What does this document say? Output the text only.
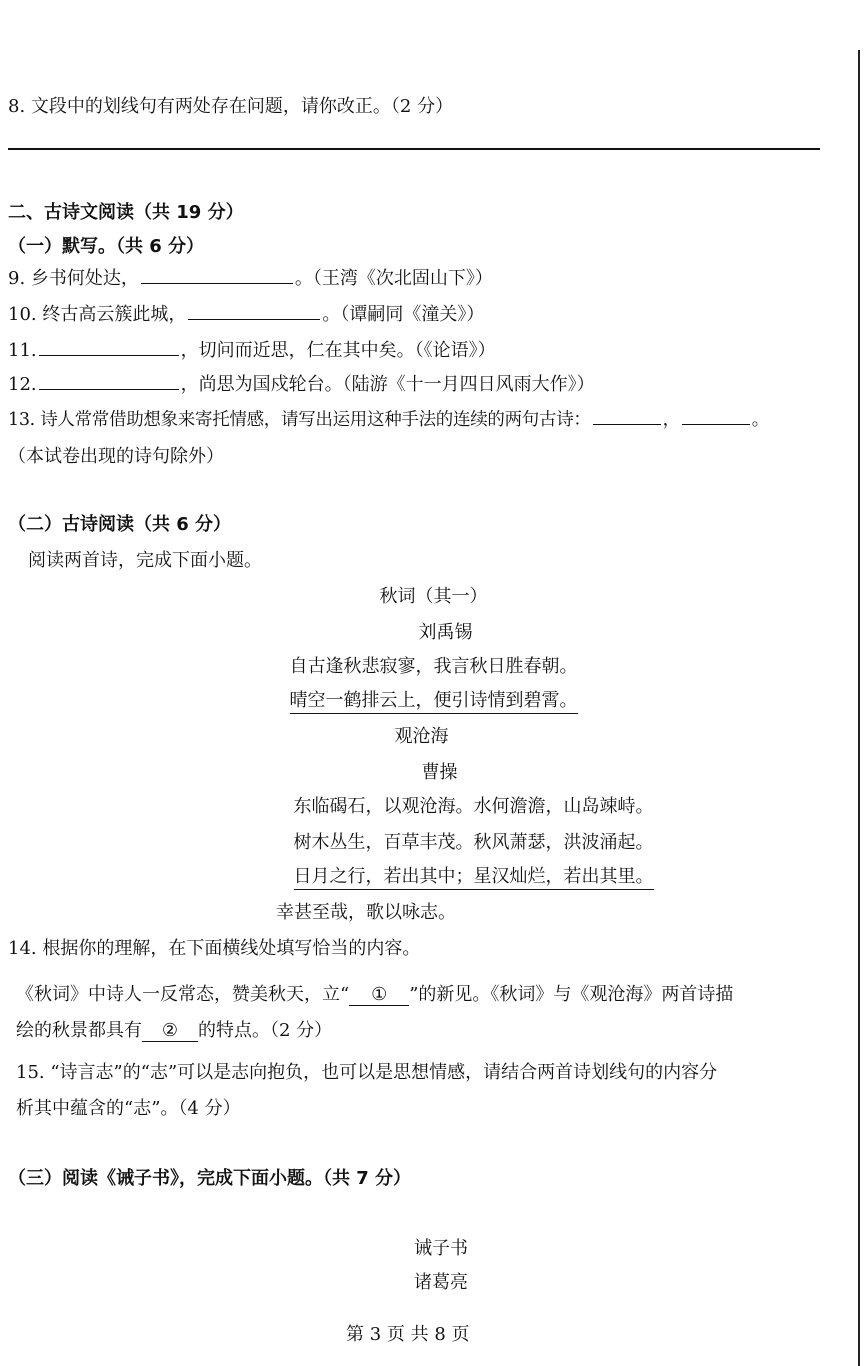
8. 文段中的划线句有两处存在问题，请你改正。（2 分）
二、古诗文阅读（共 19 分）
（一）默写。（共 6 分）
9. 乡书何处达，	。（王湾《次北固山下》）
10. 终古高云簇此城，	。（谭嗣同《潼关》）
11.	，切问而近思，仁在其中矣。（《论语》）
12.	，尚思为国戍轮台。（陆游《十一月四日风雨大作》）
13. 诗人常常借助想象来寄托情感，请写出运用这种手法的连续的两句古诗：	，	。
（本试卷出现的诗句除外）
（二）古诗阅读（共 6 分）
阅读两首诗，完成下面小题。
秋词（其一）
刘禹锡
自古逢秋悲寂寥，我言秋日胜春朝。
晴空一鹤排云上，便引诗情到碧霄。
观沧海
曹操
东临碣石，以观沧海。水何澹澹，山岛竦峙。
树木丛生，百草丰茂。秋风萧瑟，洪波涌起。
日月之行，若出其中；星汉灿烂，若出其里。
幸甚至哉，歌以咏志。
14. 根据你的理解，在下面横线处填写恰当的内容。
《秋词》中诗人一反常态，赞美秋天，立“ ① ”的新见。《秋词》与《观沧海》两首诗描
绘的秋景都具有 ② 的特点。（2 分）
15. “诗言志”的“志”可以是志向抱负，也可以是思想情感，请结合两首诗划线句的内容分
析其中蕴含的“志”。（4 分）
（三）阅读《诫子书》，完成下面小题。（共 7 分）
诫子书
诸葛亮
第 3 页 共 8 页
